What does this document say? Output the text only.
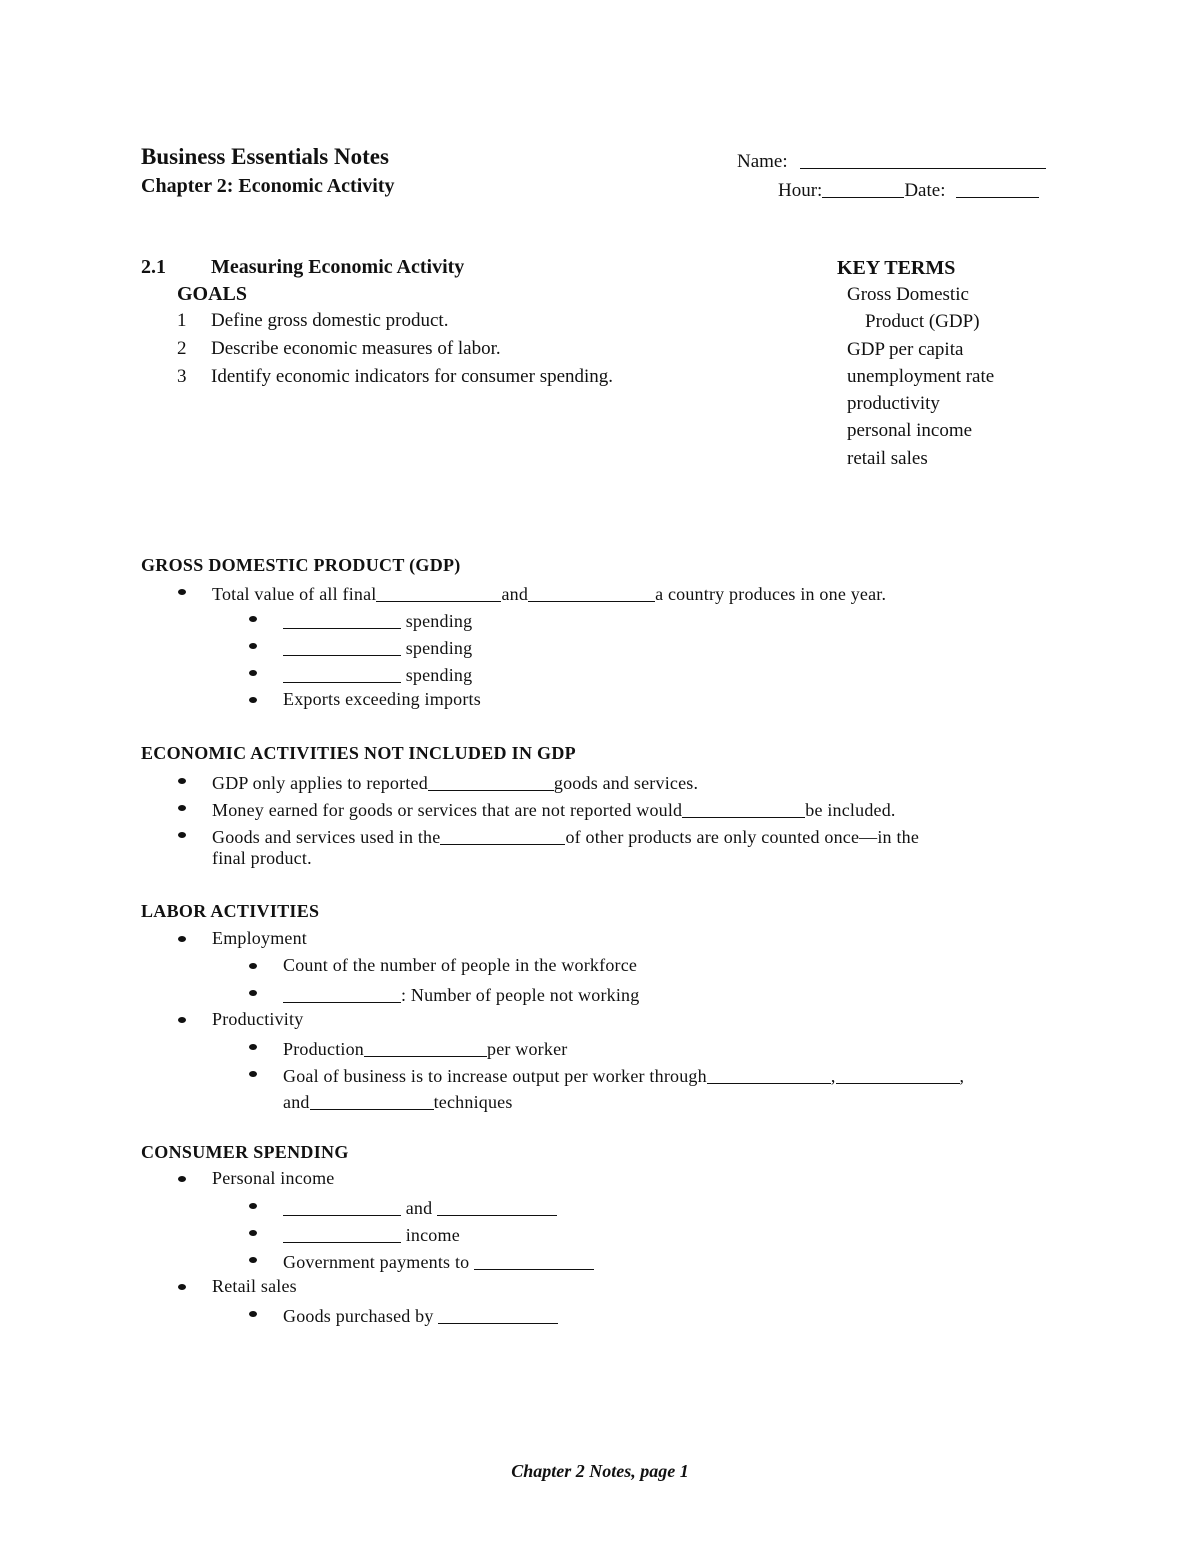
Business Essentials Notes
Chapter 2: Economic Activity
Name:
Hour:	Date:
2.1 Measuring Economic Activity
GOALS
1 Define gross domestic product.
2 Describe economic measures of labor.
3 Identify economic indicators for consumer spending.
KEY TERMS
Gross Domestic
Product (GDP)
GDP per capita
unemployment rate
productivity
personal income
retail sales
GROSS DOMESTIC PRODUCT (GDP)
Total value of all final	and	a country produces in one year.
spending
spending
spending
Exports exceeding imports
ECONOMIC ACTIVITIES NOT INCLUDED IN GDP
GDP only applies to reported	goods and services.
Money earned for goods or services that are not reported would	be included.
Goods and services used in the	of other products are only counted once—in the
final product.
LABOR ACTIVITIES
Employment
Count of the number of people in the workforce
: Number of people not working
Productivity
Production	per worker
Goal of business is to increase output per worker through	,	,
and	techniques
CONSUMER SPENDING
Personal income
and
income
Government payments to
Retail sales
Goods purchased by
Chapter 2 Notes, page 1
